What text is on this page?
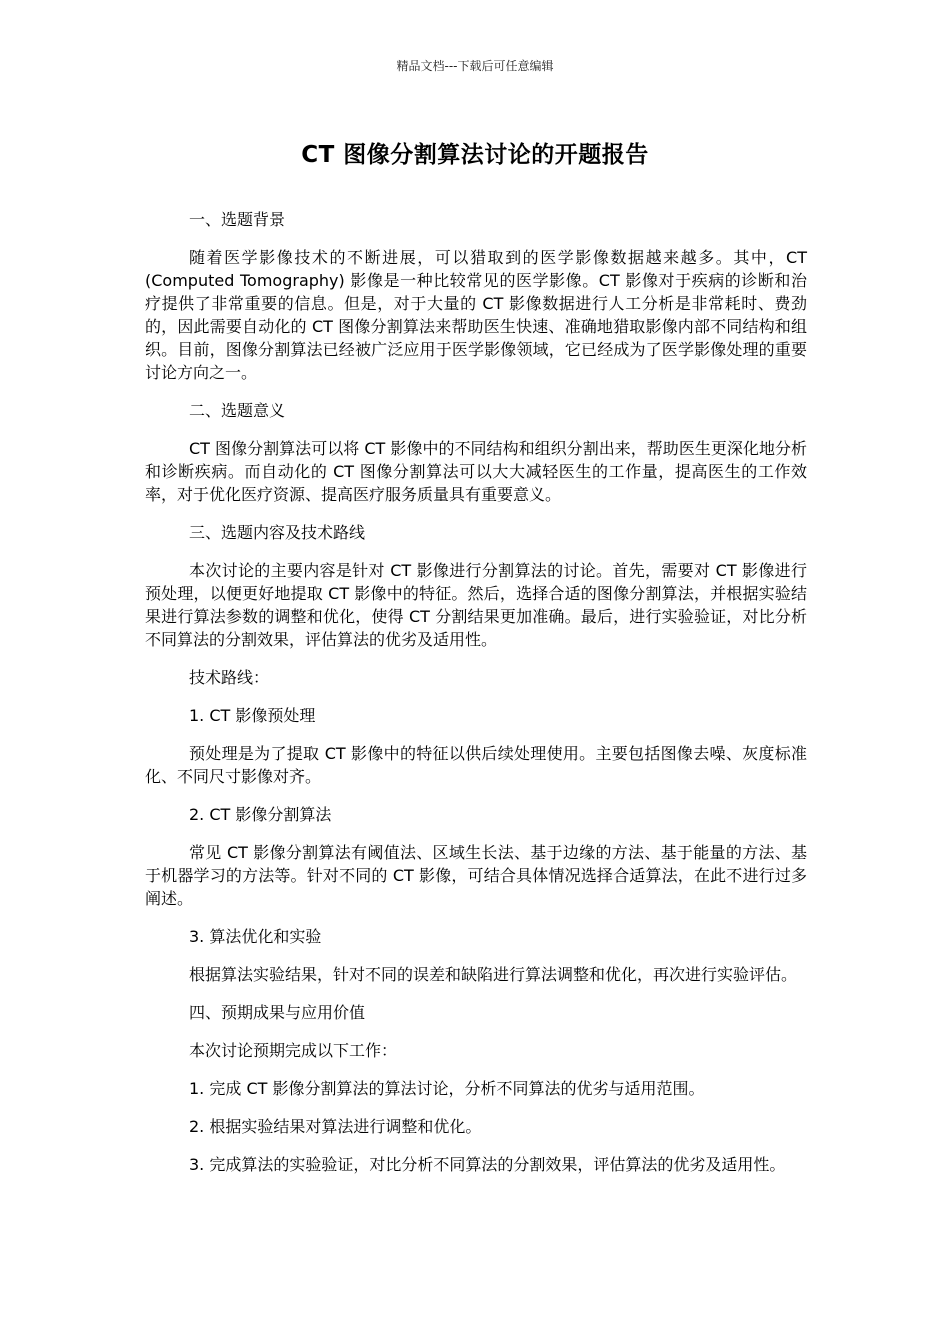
精品文档---下载后可任意编辑
CT 图像分割算法讨论的开题报告

一、选题背景

随着医学影像技术的不断进展，可以猎取到的医学影像数据越来越多。其中，CT (Computed Tomography) 影像是一种比较常见的医学影像。CT 影像对于疾病的诊断和治疗提供了非常重要的信息。但是，对于大量的 CT 影像数据进行人工分析是非常耗时、费劲的，因此需要自动化的 CT 图像分割算法来帮助医生快速、准确地猎取影像内部不同结构和组织。目前，图像分割算法已经被广泛应用于医学影像领域，它已经成为了医学影像处理的重要讨论方向之一。

二、选题意义

CT 图像分割算法可以将 CT 影像中的不同结构和组织分割出来，帮助医生更深化地分析和诊断疾病。而自动化的 CT 图像分割算法可以大大减轻医生的工作量，提高医生的工作效率，对于优化医疗资源、提高医疗服务质量具有重要意义。

三、选题内容及技术路线

本次讨论的主要内容是针对 CT 影像进行分割算法的讨论。首先，需要对 CT 影像进行预处理，以便更好地提取 CT 影像中的特征。然后，选择合适的图像分割算法，并根据实验结果进行算法参数的调整和优化，使得 CT 分割结果更加准确。最后，进行实验验证，对比分析不同算法的分割效果，评估算法的优劣及适用性。

技术路线：

1. CT 影像预处理

预处理是为了提取 CT 影像中的特征以供后续处理使用。主要包括图像去噪、灰度标准化、不同尺寸影像对齐。

2. CT 影像分割算法

常见 CT 影像分割算法有阈值法、区域生长法、基于边缘的方法、基于能量的方法、基于机器学习的方法等。针对不同的 CT 影像，可结合具体情况选择合适算法，在此不进行过多阐述。

3. 算法优化和实验

根据算法实验结果，针对不同的误差和缺陷进行算法调整和优化，再次进行实验评估。

四、预期成果与应用价值

本次讨论预期完成以下工作：

1. 完成 CT 影像分割算法的算法讨论，分析不同算法的优劣与适用范围。

2. 根据实验结果对算法进行调整和优化。

3. 完成算法的实验验证，对比分析不同算法的分割效果，评估算法的优劣及适用性。
